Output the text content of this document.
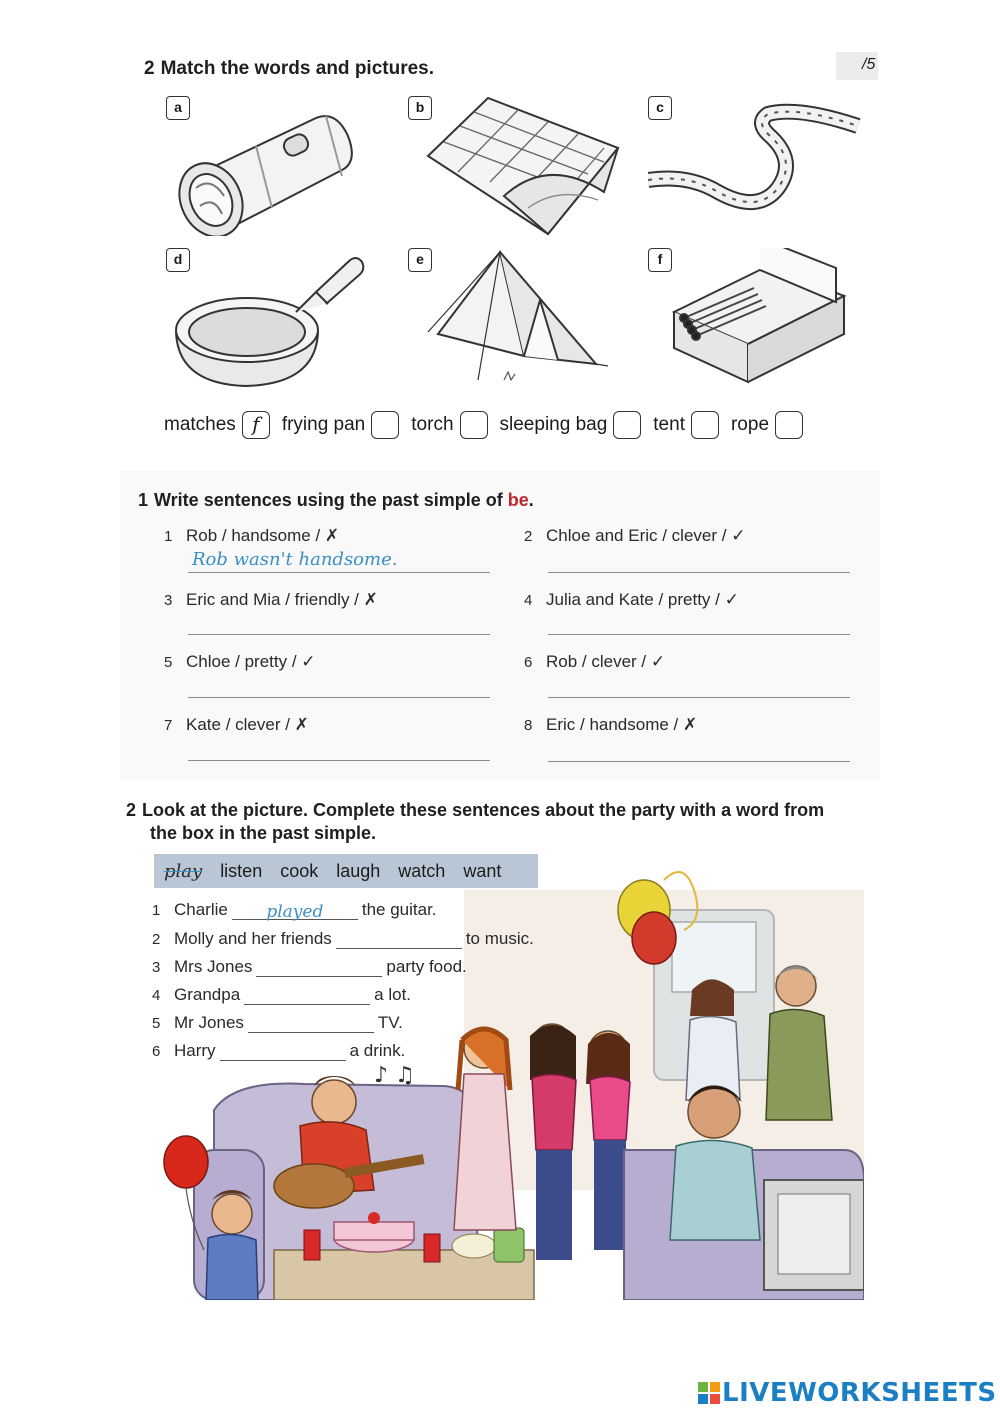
2 Match the words and pictures.	/5
a	b	c
d	e	f
matches f	frying pan torch sleeping bag tent rope
1 Write sentences using the past simple of be.
1 Rob / handsome / ✗
Rob wasn't handsome.
2 Chloe and Eric / clever / ✓
3 Eric and Mia / friendly / ✗	4 Julia and Kate / pretty / ✓
5 Chloe / pretty / ✓	6 Rob / clever / ✓
7 Kate / clever / ✗	8 Eric / handsome / ✗
2 Look at the picture. Complete these sentences about the party with a word from
the box in the past simple.
♪ ♫
play listen cook laugh watch want
1 Charlie played the guitar.
2 Molly and her friends	to music.
3 Mrs Jones	party food.
4 Grandpa	a lot.
5 Mr Jones	TV.
6 Harry	a drink.
LIVEWORKSHEETS
